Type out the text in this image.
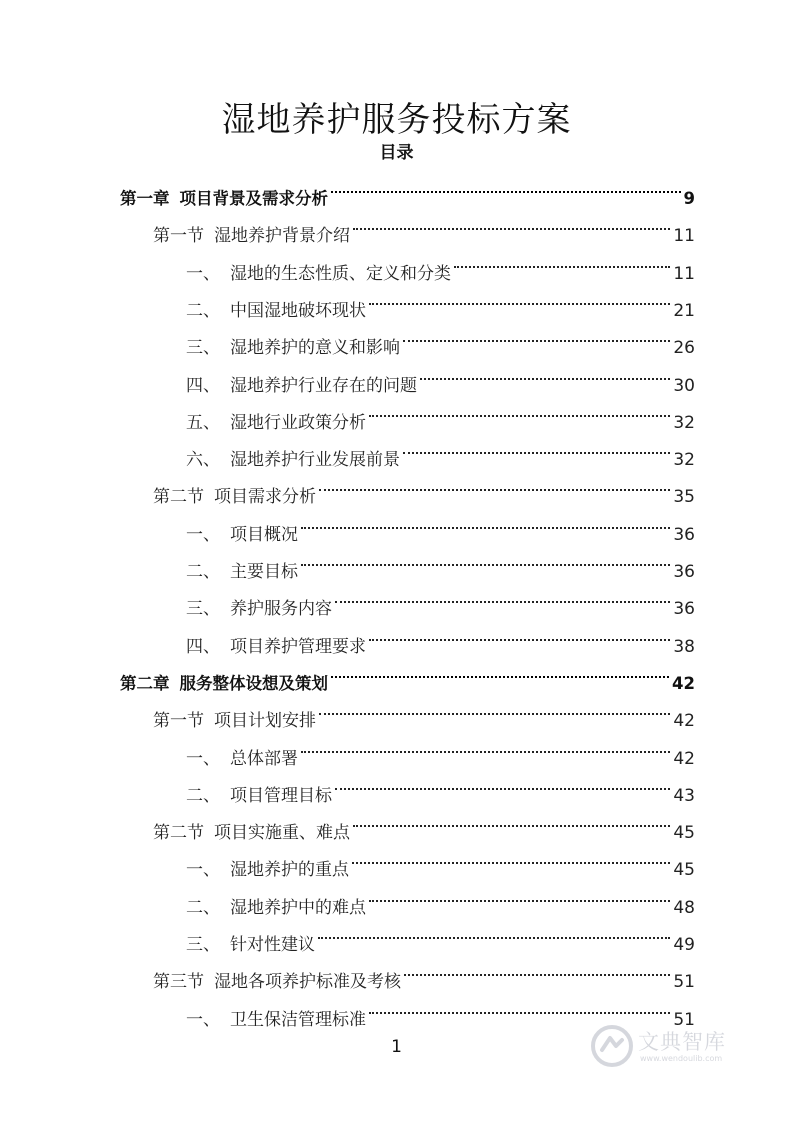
湿地养护服务投标方案
目录
第一章 项目背景及需求分析	9
第一节 湿地养护背景介绍	11
一、 湿地的生态性质、定义和分类	11
二、 中国湿地破坏现状	21
三、 湿地养护的意义和影响	26
四、 湿地养护行业存在的问题	30
五、 湿地行业政策分析	32
六、 湿地养护行业发展前景	32
第二节 项目需求分析	35
一、 项目概况	36
二、 主要目标	36
三、 养护服务内容	36
四、 项目养护管理要求	38
第二章 服务整体设想及策划	42
第一节 项目计划安排	42
一、 总体部署	42
二、 项目管理目标	43
第二节 项目实施重、难点	45
一、 湿地养护的重点	45
二、 湿地养护中的难点	48
三、 针对性建议	49
第三节 湿地各项养护标准及考核	51
一、 卫生保洁管理标准	51
1	文典智库
www.wendoulib.com
